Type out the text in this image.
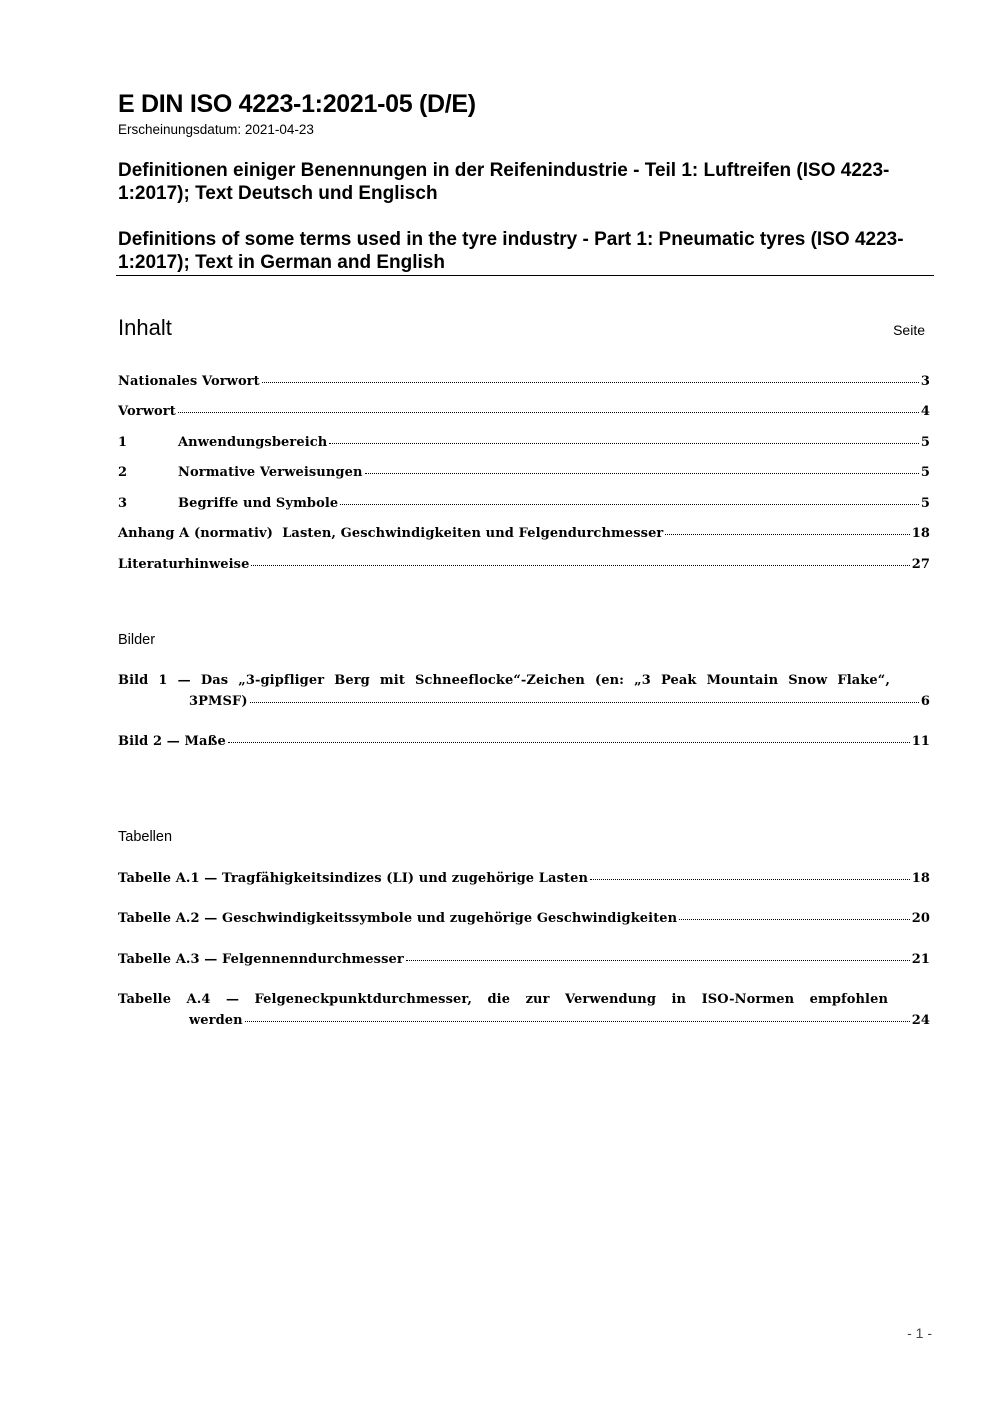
E DIN ISO 4223-1:2021-05 (D/E)
Erscheinungsdatum: 2021-04-23
Definitionen einiger Benennungen in der Reifenindustrie - Teil 1: Luftreifen (ISO 4223-1:2017); Text Deutsch und Englisch
Definitions of some terms used in the tyre industry - Part 1: Pneumatic tyres (ISO 4223-1:2017); Text in German and English
Inhalt	Seite
Nationales Vorwort	3
Vorwort	4
1	Anwendungsbereich	5
2	Normative Verweisungen	5
3	Begriffe und Symbole	5
Anhang A (normativ)  Lasten, Geschwindigkeiten und Felgendurchmesser	18
Literaturhinweise	27
Bilder
Bild 1 — Das „3-gipfliger Berg mit Schneeflocke“-Zeichen (en: „3 Peak Mountain Snow Flake“,
3PMSF)	6
Bild 2 — Maße	11
Tabellen
Tabelle A.1 — Tragfähigkeitsindizes (LI) und zugehörige Lasten	18
Tabelle A.2 — Geschwindigkeitssymbole und zugehörige Geschwindigkeiten	20
Tabelle A.3 — Felgennenndurchmesser	21
Tabelle A.4 — Felgeneckpunktdurchmesser, die zur Verwendung in ISO-Normen empfohlen
werden	24
- 1 -
